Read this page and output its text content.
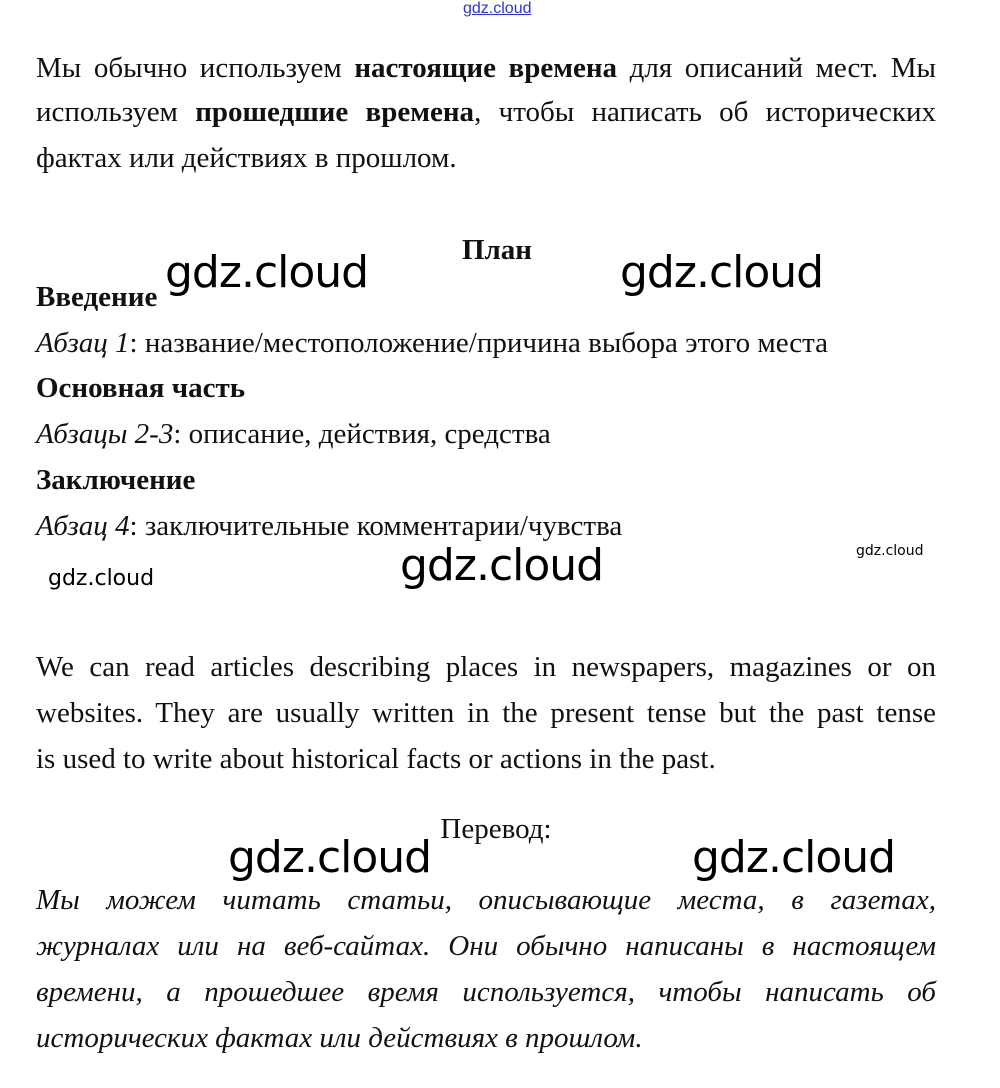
gdz.cloud
Мы обычно используем настоящие времена для описаний мест. Мы
используем прошедшие времена, чтобы написать об исторических
фактах или действиях в прошлом.
План
Введение
Абзац 1: название/местоположение/причина выбора этого места
Основная часть
Абзацы 2-3: описание, действия, средства
Заключение
Абзац 4: заключительные комментарии/чувства
We can read articles describing places in newspapers, magazines or on
websites. They are usually written in the present tense but the past tense
is used to write about historical facts or actions in the past.
Перевод:
Мы можем читать статьи, описывающие места, в газетах,
журналах или на веб-сайтах. Они обычно написаны в настоящем
времени, а прошедшее время используется, чтобы написать об
исторических фактах или действиях в прошлом.
gdz.cloud	gdz.cloud
gdz.cloud
gdz.cloud	gdz.cloud
gdz.cloud
gdz.cloud
